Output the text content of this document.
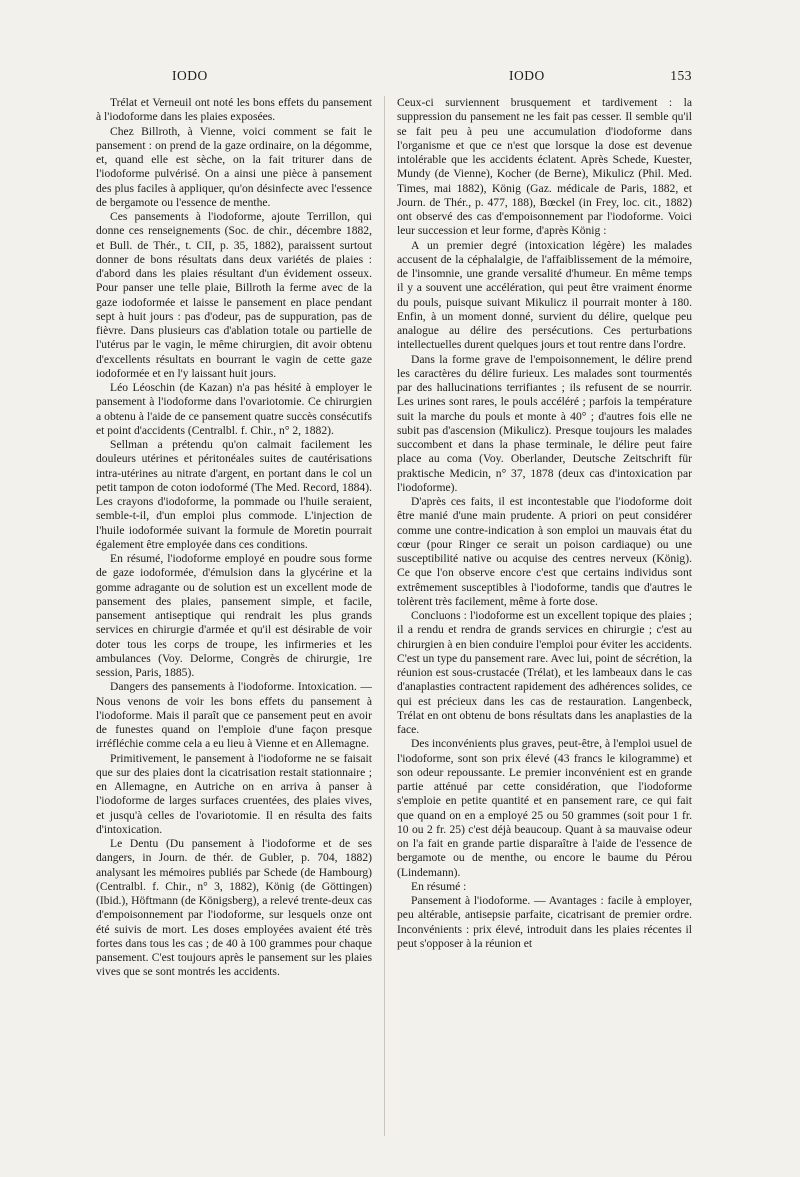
IODO	IODO	153

Trélat et Verneuil ont noté les bons effets du pansement à l'iodoforme dans les plaies exposées.

Chez Billroth, à Vienne, voici comment se fait le pansement : on prend de la gaze ordinaire, on la dégomme, et, quand elle est sèche, on la fait triturer dans de l'iodoforme pulvérisé. On a ainsi une pièce à pansement des plus faciles à appliquer, qu'on désinfecte avec l'essence de bergamote ou l'essence de menthe.

Ces pansements à l'iodoforme, ajoute Terrillon, qui donne ces renseignements (Soc. de chir., décembre 1882, et Bull. de Thér., t. CII, p. 35, 1882), paraissent surtout donner de bons résultats dans deux variétés de plaies : d'abord dans les plaies résultant d'un évidement osseux. Pour panser une telle plaie, Billroth la ferme avec de la gaze iodoformée et laisse le pansement en place pendant sept à huit jours : pas d'odeur, pas de suppuration, pas de fièvre. Dans plusieurs cas d'ablation totale ou partielle de l'utérus par le vagin, le même chirurgien, dit avoir obtenu d'excellents résultats en bourrant le vagin de cette gaze iodoformée et en l'y laissant huit jours.

Léo Léoschin (de Kazan) n'a pas hésité à employer le pansement à l'iodoforme dans l'ovariotomie. Ce chirurgien a obtenu à l'aide de ce pansement quatre succès consécutifs et point d'accidents (Centralbl. f. Chir., n° 2, 1882).

Sellman a prétendu qu'on calmait facilement les douleurs utérines et péritonéales suites de cautérisations intra-utérines au nitrate d'argent, en portant dans le col un petit tampon de coton iodoformé (The Med. Record, 1884). Les crayons d'iodoforme, la pommade ou l'huile seraient, semble-t-il, d'un emploi plus commode. L'injection de l'huile iodoformée suivant la formule de Moretin pourrait également être employée dans ces conditions.

En résumé, l'iodoforme employé en poudre sous forme de gaze iodoformée, d'émulsion dans la glycérine et la gomme adragante ou de solution est un excellent mode de pansement des plaies, pansement simple, et facile, pansement antiseptique qui rendrait les plus grands services en chirurgie d'armée et qu'il est désirable de voir doter tous les corps de troupe, les infirmeries et les ambulances (Voy. Delorme, Congrès de chirurgie, 1re session, Paris, 1885).

Dangers des pansements à l'iodoforme. Intoxication. — Nous venons de voir les bons effets du pansement à l'iodoforme. Mais il paraît que ce pansement peut en avoir de funestes quand on l'emploie d'une façon presque irréfléchie comme cela a eu lieu à Vienne et en Allemagne.

Primitivement, le pansement à l'iodoforme ne se faisait que sur des plaies dont la cicatrisation restait stationnaire ; en Allemagne, en Autriche on en arriva à panser à l'iodoforme de larges surfaces cruentées, des plaies vives, et jusqu'à celles de l'ovariotomie. Il en résulta des faits d'intoxication.

Le Dentu (Du pansement à l'iodoforme et de ses dangers, in Journ. de thér. de Gubler, p. 704, 1882) analysant les mémoires publiés par Schede (de Hambourg) (Centralbl. f. Chir., n° 3, 1882), König (de Göttingen) (Ibid.), Höftmann (de Königsberg), a relevé trente-deux cas d'empoisonnement par l'iodoforme, sur lesquels onze ont été suivis de mort. Les doses employées avaient été très fortes dans tous les cas ; de 40 à 100 grammes pour chaque pansement. C'est toujours après le pansement sur les plaies vives que se sont montrés les accidents.

Ceux-ci surviennent brusquement et tardivement : la suppression du pansement ne les fait pas cesser. Il semble qu'il se fait peu à peu une accumulation d'iodoforme dans l'organisme et que ce n'est que lorsque la dose est devenue intolérable que les accidents éclatent. Après Schede, Kuester, Mundy (de Vienne), Kocher (de Berne), Mikulicz (Phil. Med. Times, mai 1882), König (Gaz. médicale de Paris, 1882, et Journ. de Thér., p. 477, 188), Bœckel (in Frey, loc. cit., 1882) ont observé des cas d'empoisonnement par l'iodoforme. Voici leur succession et leur forme, d'après König :

A un premier degré (intoxication légère) les malades accusent de la céphalalgie, de l'affaiblissement de la mémoire, de l'insomnie, une grande versalité d'humeur. En même temps il y a souvent une accélération, qui peut être vraiment énorme du pouls, puisque suivant Mikulicz il pourrait monter à 180. Enfin, à un moment donné, survient du délire, quelque peu analogue au délire des persécutions. Ces perturbations intellectuelles durent quelques jours et tout rentre dans l'ordre.

Dans la forme grave de l'empoisonnement, le délire prend les caractères du délire furieux. Les malades sont tourmentés par des hallucinations terrifiantes ; ils refusent de se nourrir. Les urines sont rares, le pouls accéléré ; parfois la température suit la marche du pouls et monte à 40° ; d'autres fois elle ne subit pas d'ascension (Mikulicz). Presque toujours les malades succombent et dans la phase terminale, le délire peut faire place au coma (Voy. Oberlander, Deutsche Zeitschrift für praktische Medicin, n° 37, 1878 (deux cas d'intoxication par l'iodoforme).

D'après ces faits, il est incontestable que l'iodoforme doit être manié d'une main prudente. A priori on peut considérer comme une contre-indication à son emploi un mauvais état du cœur (pour Ringer ce serait un poison cardiaque) ou une susceptibilité native ou acquise des centres nerveux (König). Ce que l'on observe encore c'est que certains individus sont extrêmement susceptibles à l'iodoforme, tandis que d'autres le tolèrent très facilement, même à forte dose.

Concluons : l'iodoforme est un excellent topique des plaies ; il a rendu et rendra de grands services en chirurgie ; c'est au chirurgien à en bien conduire l'emploi pour éviter les accidents. C'est un type du pansement rare. Avec lui, point de sécrétion, la réunion est sous-crustacée (Trélat), et les lambeaux dans le cas d'anaplasties contractent rapidement des adhérences solides, ce qui est précieux dans les cas de restauration. Langenbeck, Trélat en ont obtenu de bons résultats dans les anaplasties de la face.

Des inconvénients plus graves, peut-être, à l'emploi usuel de l'iodoforme, sont son prix élevé (43 francs le kilogramme) et son odeur repoussante. Le premier inconvénient est en grande partie atténué par cette considération, que l'iodoforme s'emploie en petite quantité et en pansement rare, ce qui fait que quand on en a employé 25 ou 50 grammes (soit pour 1 fr. 10 ou 2 fr. 25) c'est déjà beaucoup. Quant à sa mauvaise odeur on l'a fait en grande partie disparaître à l'aide de l'essence de bergamote ou de menthe, ou encore le baume du Pérou (Lindemann).

En résumé :

Pansement à l'iodoforme. — Avantages : facile à employer, peu altérable, antisepsie parfaite, cicatrisant de premier ordre. Inconvénients : prix élevé, introduit dans les plaies récentes il peut s'opposer à la réunion et
